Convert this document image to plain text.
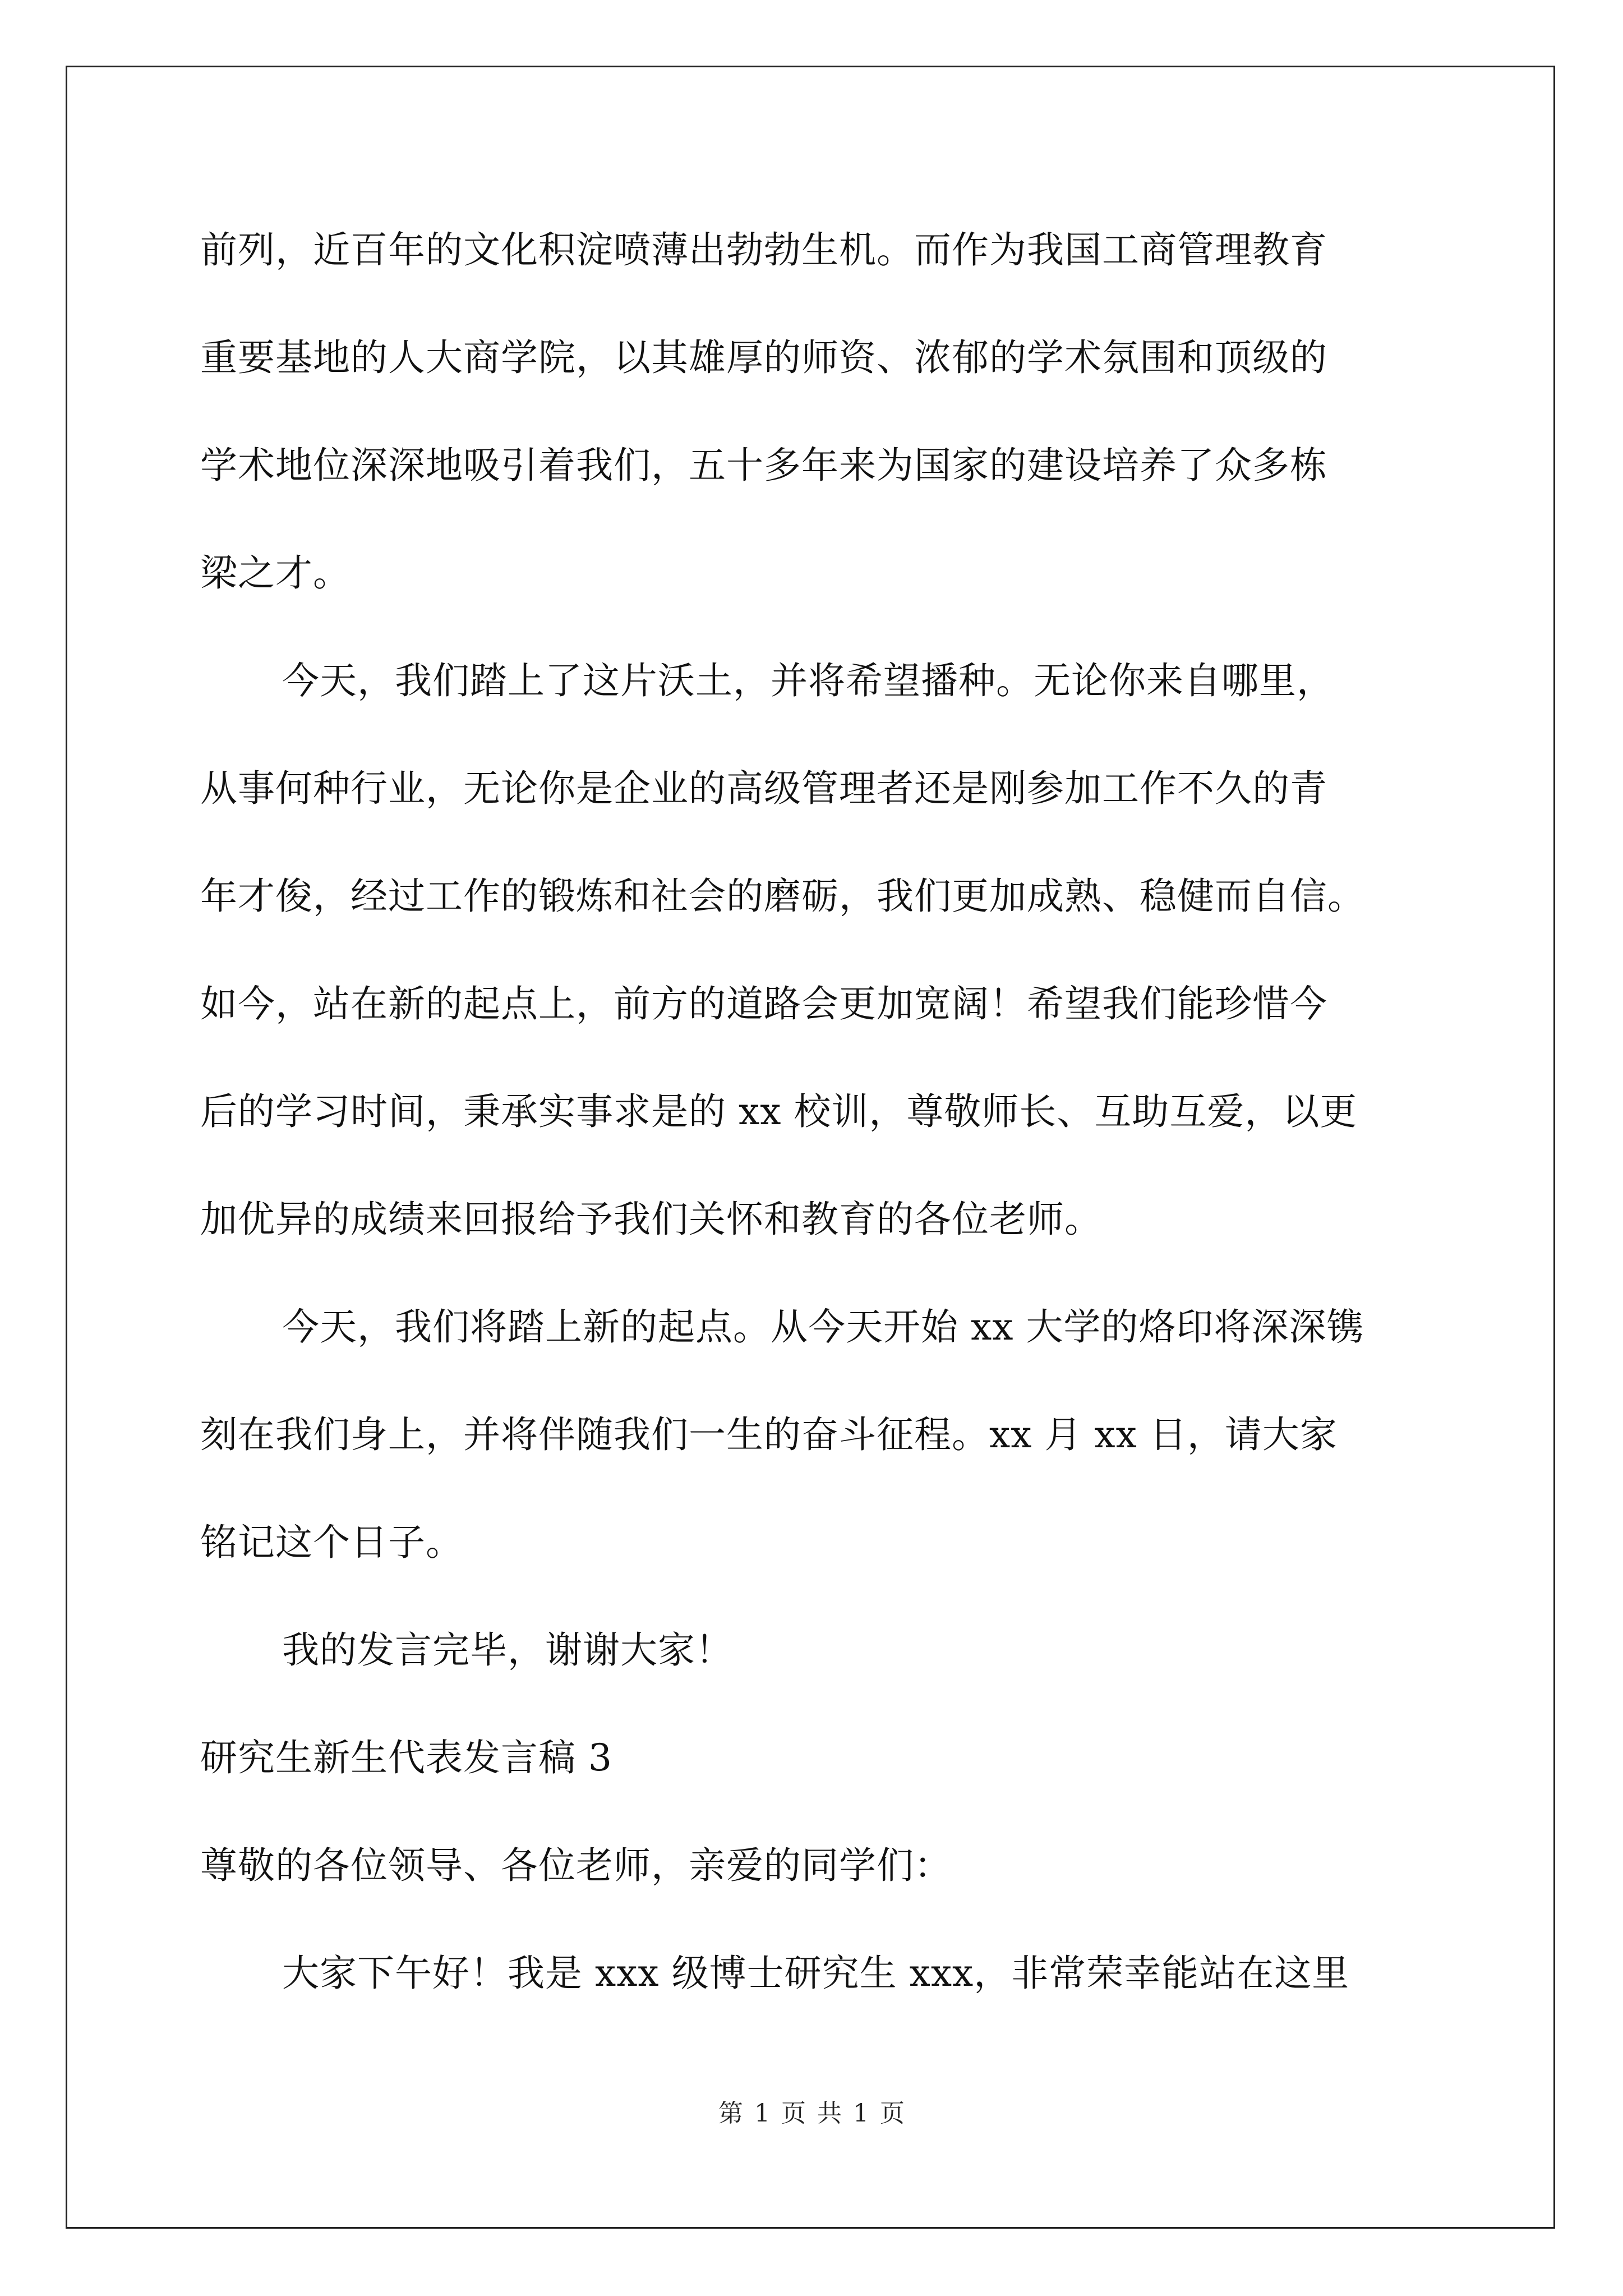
前列，近百年的文化积淀喷薄出勃勃生机。而作为我国工商管理教育
重要基地的人大商学院，以其雄厚的师资、浓郁的学术氛围和顶级的
学术地位深深地吸引着我们，五十多年来为国家的建设培养了众多栋
梁之才。
今天，我们踏上了这片沃土，并将希望播种。无论你来自哪里，
从事何种行业，无论你是企业的高级管理者还是刚参加工作不久的青
年才俊，经过工作的锻炼和社会的磨砺，我们更加成熟、稳健而自信。
如今，站在新的起点上，前方的道路会更加宽阔！希望我们能珍惜今
后的学习时间，秉承实事求是的 xx 校训，尊敬师长、互助互爱，以更
加优异的成绩来回报给予我们关怀和教育的各位老师。
今天，我们将踏上新的起点。从今天开始 xx 大学的烙印将深深镌
刻在我们身上，并将伴随我们一生的奋斗征程。xx 月 xx 日，请大家
铭记这个日子。
我的发言完毕，谢谢大家！
研究生新生代表发言稿 3
尊敬的各位领导、各位老师，亲爱的同学们：
大家下午好！我是 xxx 级博士研究生 xxx，非常荣幸能站在这里
第 1 页 共 1 页
